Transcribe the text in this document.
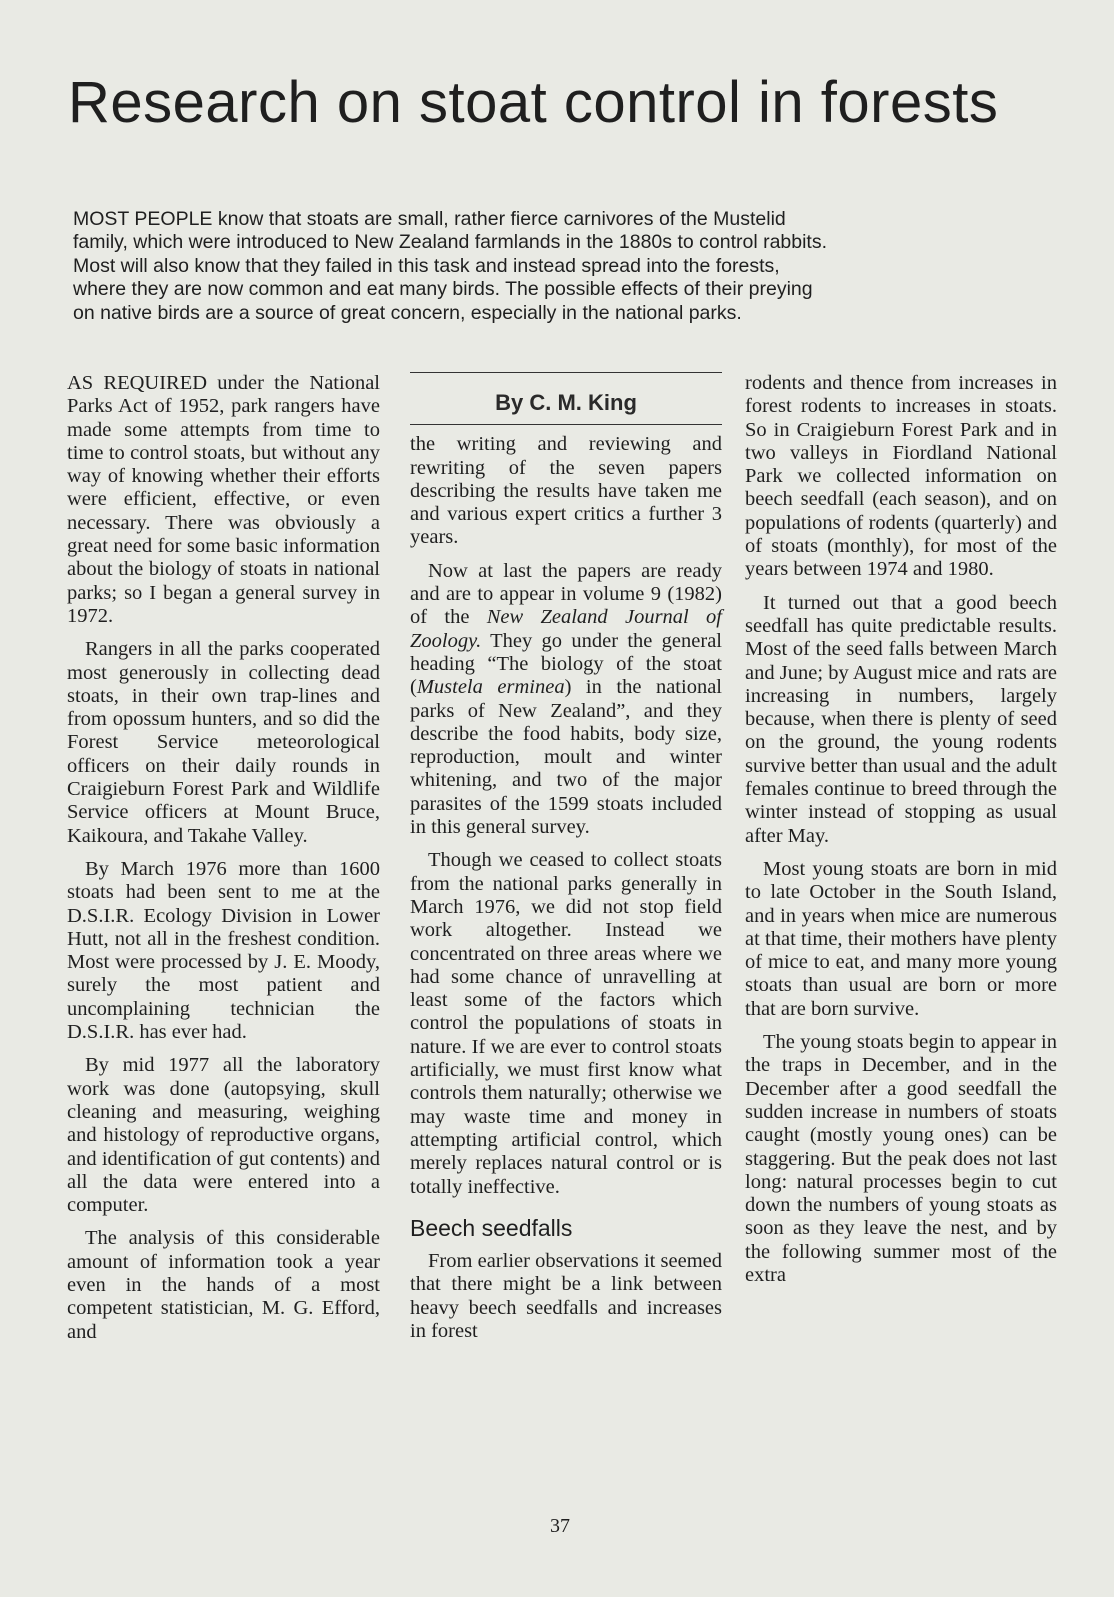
Research on stoat control in forests

MOST PEOPLE know that stoats are small, rather fierce carnivores of the Mustelid family, which were introduced to New Zealand farmlands in the 1880s to control rabbits. Most will also know that they failed in this task and instead spread into the forests, where they are now common and eat many birds. The possible effects of their preying on native birds are a source of great concern, especially in the national parks.

AS REQUIRED under the National Parks Act of 1952, park rangers have made some attempts from time to time to control stoats, but without any way of knowing whether their efforts were efficient, effective, or even necessary. There was obviously a great need for some basic information about the biology of stoats in national parks; so I began a general survey in 1972.

Rangers in all the parks cooperated most generously in collecting dead stoats, in their own trap-lines and from opossum hunters, and so did the Forest Service meteorological officers on their daily rounds in Craigieburn Forest Park and Wildlife Service officers at Mount Bruce, Kaikoura, and Takahe Valley.

By March 1976 more than 1600 stoats had been sent to me at the D.S.I.R. Ecology Division in Lower Hutt, not all in the freshest condition. Most were processed by J. E. Moody, surely the most patient and uncomplaining technician the D.S.I.R. has ever had.

By mid 1977 all the laboratory work was done (autopsying, skull cleaning and measuring, weighing and histology of reproductive organs, and identification of gut contents) and all the data were entered into a computer.

The analysis of this considerable amount of information took a year even in the hands of a most competent statistician, M. G. Efford, and

By C. M. King

the writing and reviewing and rewriting of the seven papers describing the results have taken me and various expert critics a further 3 years.

Now at last the papers are ready and are to appear in volume 9 (1982) of the New Zealand Journal of Zoology. They go under the general heading “The biology of the stoat (Mustela erminea) in the national parks of New Zealand”, and they describe the food habits, body size, reproduction, moult and winter whitening, and two of the major parasites of the 1599 stoats included in this general survey.

Though we ceased to collect stoats from the national parks generally in March 1976, we did not stop field work altogether. Instead we concentrated on three areas where we had some chance of unravelling at least some of the factors which control the populations of stoats in nature. If we are ever to control stoats artificially, we must first know what controls them naturally; otherwise we may waste time and money in attempting artificial control, which merely replaces natural control or is totally ineffective.

Beech seedfalls

From earlier observations it seemed that there might be a link between heavy beech seedfalls and increases in forest

rodents and thence from increases in forest rodents to increases in stoats. So in Craigieburn Forest Park and in two valleys in Fiordland National Park we collected information on beech seedfall (each season), and on populations of rodents (quarterly) and of stoats (monthly), for most of the years between 1974 and 1980.

It turned out that a good beech seedfall has quite predictable results. Most of the seed falls between March and June; by August mice and rats are increasing in numbers, largely because, when there is plenty of seed on the ground, the young rodents survive better than usual and the adult females continue to breed through the winter instead of stopping as usual after May.

Most young stoats are born in mid to late October in the South Island, and in years when mice are numerous at that time, their mothers have plenty of mice to eat, and many more young stoats than usual are born or more that are born survive.

The young stoats begin to appear in the traps in December, and in the December after a good seedfall the sudden increase in numbers of stoats caught (mostly young ones) can be staggering. But the peak does not last long: natural processes begin to cut down the numbers of young stoats as soon as they leave the nest, and by the following summer most of the extra

37
